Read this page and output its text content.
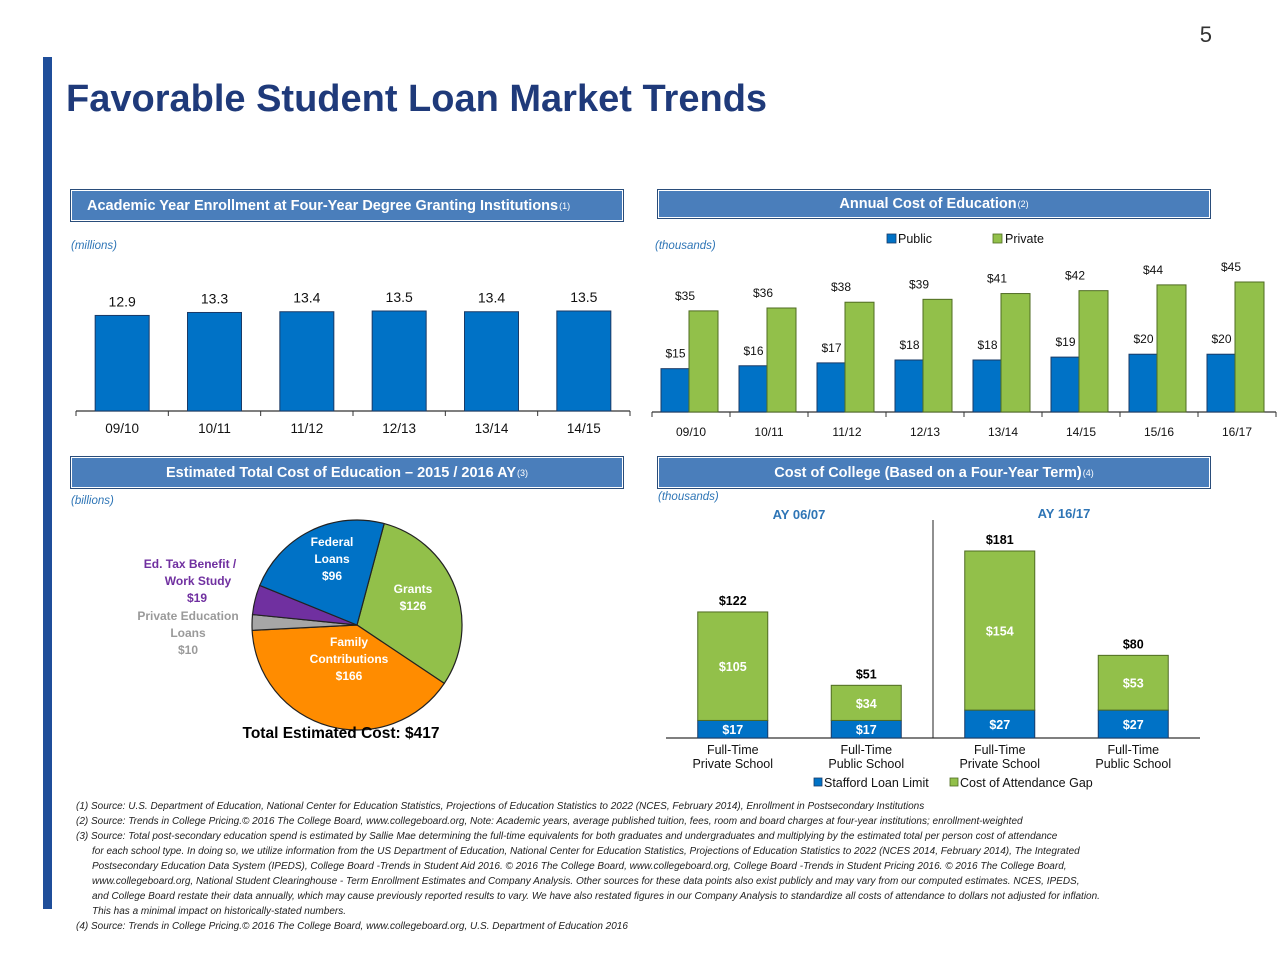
5
Favorable Student Loan Market Trends
Academic Year Enrollment at Four-Year Degree Granting Institutions (1)
(millions)
12.9
09/10
13.3
10/11
13.4
11/12
13.5
12/13
13.4
13/14
13.5
14/15
Annual Cost of Education (2)
(thousands)
$15
$35
09/10
$16
$36
10/11
$17
$38
11/12
$18
$39
12/13
$18
$41
13/14
$19
$42
14/15
$20
$44
15/16
$20
$45
16/17
Public	Private
Estimated Total Cost of Education – 2015 / 2016 AY (3)
(billions)
Federal
Loans
$96
Grants
$126
Family
Contributions
$166
Ed. Tax Benefit /
Work Study
$19
Private Education
Loans
$10
Total Estimated Cost: $417
Cost of College (Based on a Four-Year Term) (4)
(thousands)
AY 06/07	AY 16/17
$17
$105
$122
Full-Time
Private School
$17
$34
$51
Full-Time
Public School
$27
$154
$181
Full-Time
Private School
$27
$53
$80
Full-Time
Public School
Stafford Loan Limit	Cost of Attendance Gap
(1) Source: U.S. Department of Education, National Center for Education Statistics, Projections of Education Statistics to 2022 (NCES, February 2014), Enrollment in Postsecondary Institutions
(2) Source: Trends in College Pricing.© 2016 The College Board, www.collegeboard.org, Note: Academic years, average published tuition, fees, room and board charges at four-year institutions; enrollment-weighted
(3) Source: Total post-secondary education spend is estimated by Sallie Mae determining the full-time equivalents for both graduates and undergraduates and multiplying by the estimated total per person cost of attendance
for each school type. In doing so, we utilize information from the US Department of Education, National Center for Education Statistics, Projections of Education Statistics to 2022 (NCES 2014, February 2014), The Integrated
Postsecondary Education Data System (IPEDS), College Board -Trends in Student Aid 2016. © 2016 The College Board, www.collegeboard.org, College Board -Trends in Student Pricing 2016. © 2016 The College Board,
www.collegeboard.org, National Student Clearinghouse - Term Enrollment Estimates and Company Analysis. Other sources for these data points also exist publicly and may vary from our computed estimates. NCES, IPEDS,
and College Board restate their data annually, which may cause previously reported results to vary. We have also restated figures in our Company Analysis to standardize all costs of attendance to dollars not adjusted for inflation.
This has a minimal impact on historically-stated numbers.
(4) Source: Trends in College Pricing.© 2016 The College Board, www.collegeboard.org, U.S. Department of Education 2016
